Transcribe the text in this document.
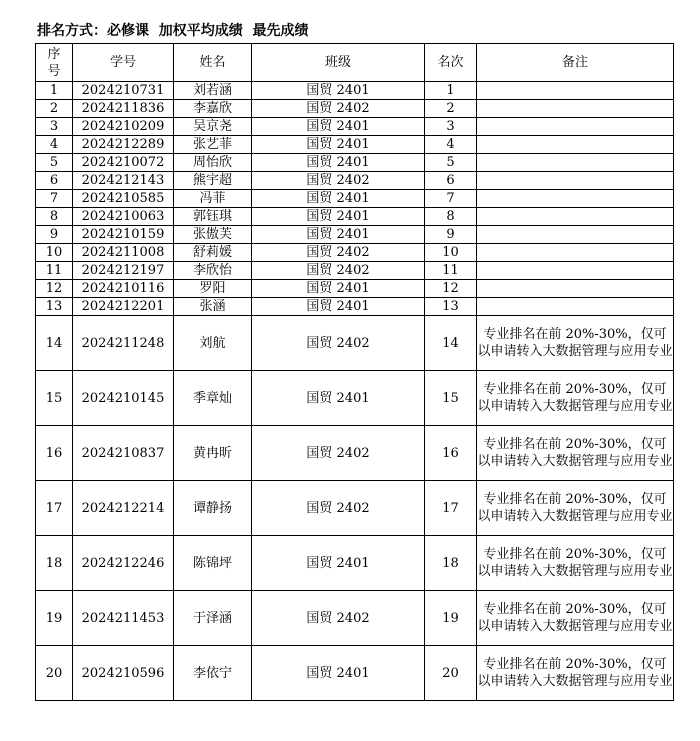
排名方式：必修课  加权平均成绩  最先成绩
序
号	学号	姓名	班级	名次	备注
1	2024210731	刘若涵	国贸 2401	1	
2	2024211836	李嘉欣	国贸 2402	2	
3	2024210209	吴京尧	国贸 2401	3	
4	2024212289	张艺菲	国贸 2401	4	
5	2024210072	周怡欣	国贸 2401	5	
6	2024212143	熊宇超	国贸 2402	6	
7	2024210585	冯菲	国贸 2401	7	
8	2024210063	郭钰琪	国贸 2401	8	
9	2024210159	张傲芙	国贸 2401	9	
10	2024211008	舒莉媛	国贸 2402	10	
11	2024212197	李欣怡	国贸 2402	11	
12	2024210116	罗阳	国贸 2401	12	
13	2024212201	张涵	国贸 2401	13	
14	2024211248	刘航	国贸 2402	14	专业排名在前 20%-30%，仅可以申请转入大数据管理与应用专业
15	2024210145	季章灿	国贸 2401	15	专业排名在前 20%-30%，仅可以申请转入大数据管理与应用专业
16	2024210837	黄冉昕	国贸 2402	16	专业排名在前 20%-30%，仅可以申请转入大数据管理与应用专业
17	2024212214	谭静扬	国贸 2402	17	专业排名在前 20%-30%，仅可以申请转入大数据管理与应用专业
18	2024212246	陈锦坪	国贸 2401	18	专业排名在前 20%-30%，仅可以申请转入大数据管理与应用专业
19	2024211453	于泽涵	国贸 2402	19	专业排名在前 20%-30%，仅可以申请转入大数据管理与应用专业
20	2024210596	李依宁	国贸 2401	20	专业排名在前 20%-30%，仅可以申请转入大数据管理与应用专业
